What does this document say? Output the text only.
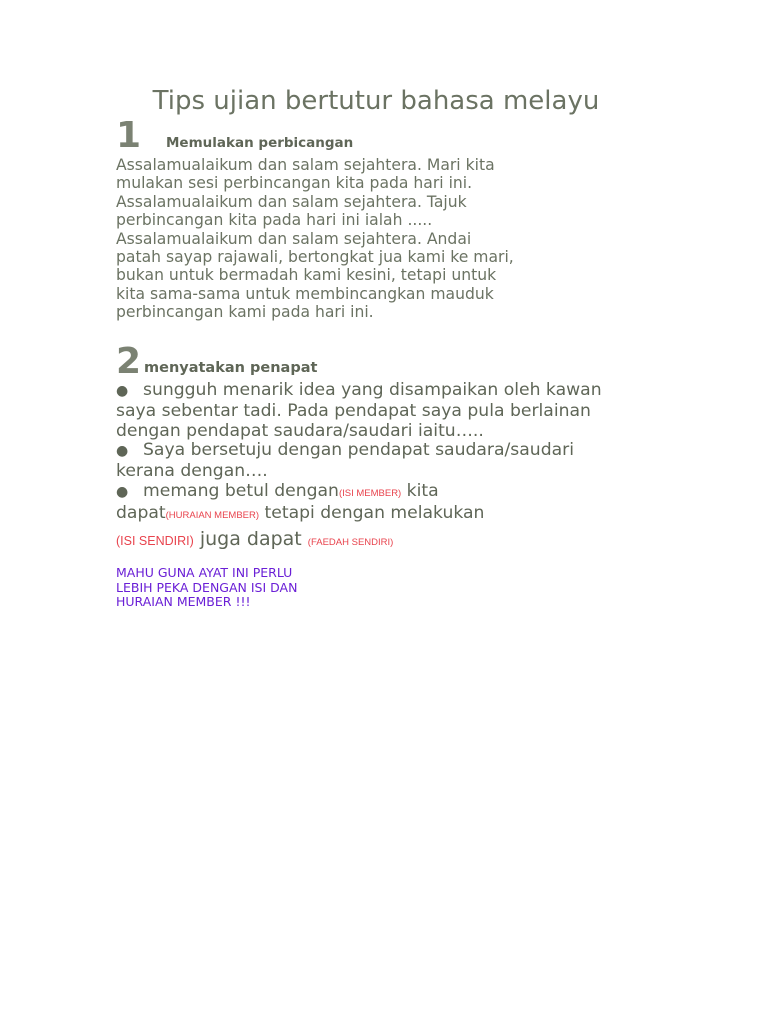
Tips ujian bertutur bahasa melayu
1 Memulakan perbicangan
Assalamualaikum dan salam sejahtera. Mari kita
mulakan sesi perbincangan kita pada hari ini.
Assalamualaikum dan salam sejahtera. Tajuk
perbincangan kita pada hari ini ialah .....
Assalamualaikum dan salam sejahtera. Andai
patah sayap rajawali, bertongkat jua kami ke mari,
bukan untuk bermadah kami kesini, tetapi untuk
kita sama-sama untuk membincangkan mauduk
perbincangan kami pada hari ini.
2 menyatakan penapat
● sungguh menarik idea yang disampaikan oleh kawan
saya sebentar tadi. Pada pendapat saya pula berlainan
dengan pendapat saudara/saudari iaitu…..
● Saya bersetuju dengan pendapat saudara/saudari
kerana dengan….
● memang betul dengan(ISI MEMBER) kita
dapat(HURAIAN MEMBER) tetapi dengan melakukan
(ISI SENDIRI) juga dapat (FAEDAH SENDIRI)
MAHU GUNA AYAT INI PERLU
LEBIH PEKA DENGAN ISI DAN
HURAIAN MEMBER !!!
